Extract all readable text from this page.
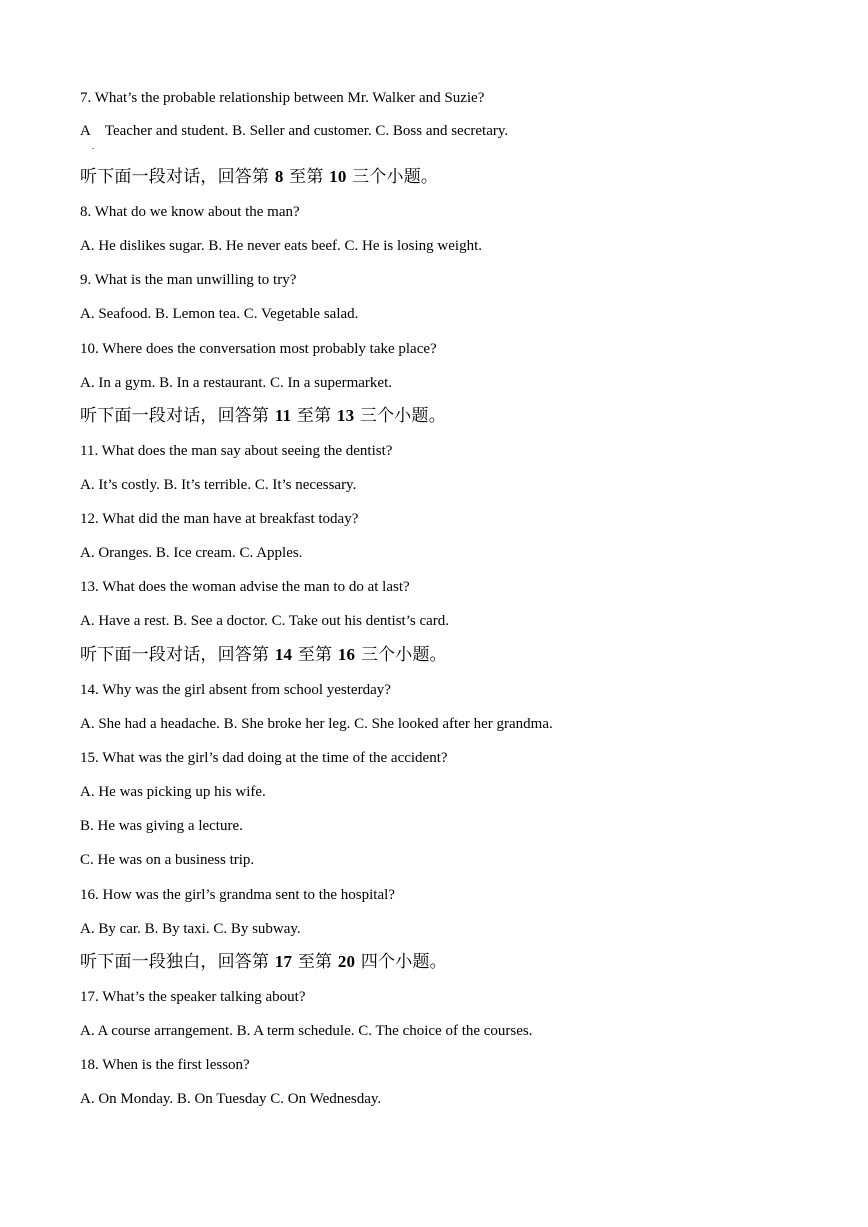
7. What’s the probable relationship between Mr. Walker and Suzie?
A Teacher and student. B. Seller and customer. C. Boss and secretary.
.
听下面一段对话，回答第 8 至第 10 三个小题。
8. What do we know about the man?
A. He dislikes sugar. B. He never eats beef. C. He is losing weight.
9. What is the man unwilling to try?
A. Seafood. B. Lemon tea. C. Vegetable salad.
10. Where does the conversation most probably take place?
A. In a gym. B. In a restaurant. C. In a supermarket.
听下面一段对话，回答第 11 至第 13 三个小题。
11. What does the man say about seeing the dentist?
A. It’s costly. B. It’s terrible. C. It’s necessary.
12. What did the man have at breakfast today?
A. Oranges. B. Ice cream. C. Apples.
13. What does the woman advise the man to do at last?
A. Have a rest. B. See a doctor. C. Take out his dentist’s card.
听下面一段对话，回答第 14 至第 16 三个小题。
14. Why was the girl absent from school yesterday?
A. She had a headache. B. She broke her leg. C. She looked after her grandma.
15. What was the girl’s dad doing at the time of the accident?
A. He was picking up his wife.
B. He was giving a lecture.
C. He was on a business trip.
16. How was the girl’s grandma sent to the hospital?
A. By car. B. By taxi. C. By subway.
听下面一段独白，回答第 17 至第 20 四个小题。
17. What’s the speaker talking about?
A. A course arrangement. B. A term schedule. C. The choice of the courses.
18. When is the first lesson?
A. On Monday. B. On Tuesday C. On Wednesday.
